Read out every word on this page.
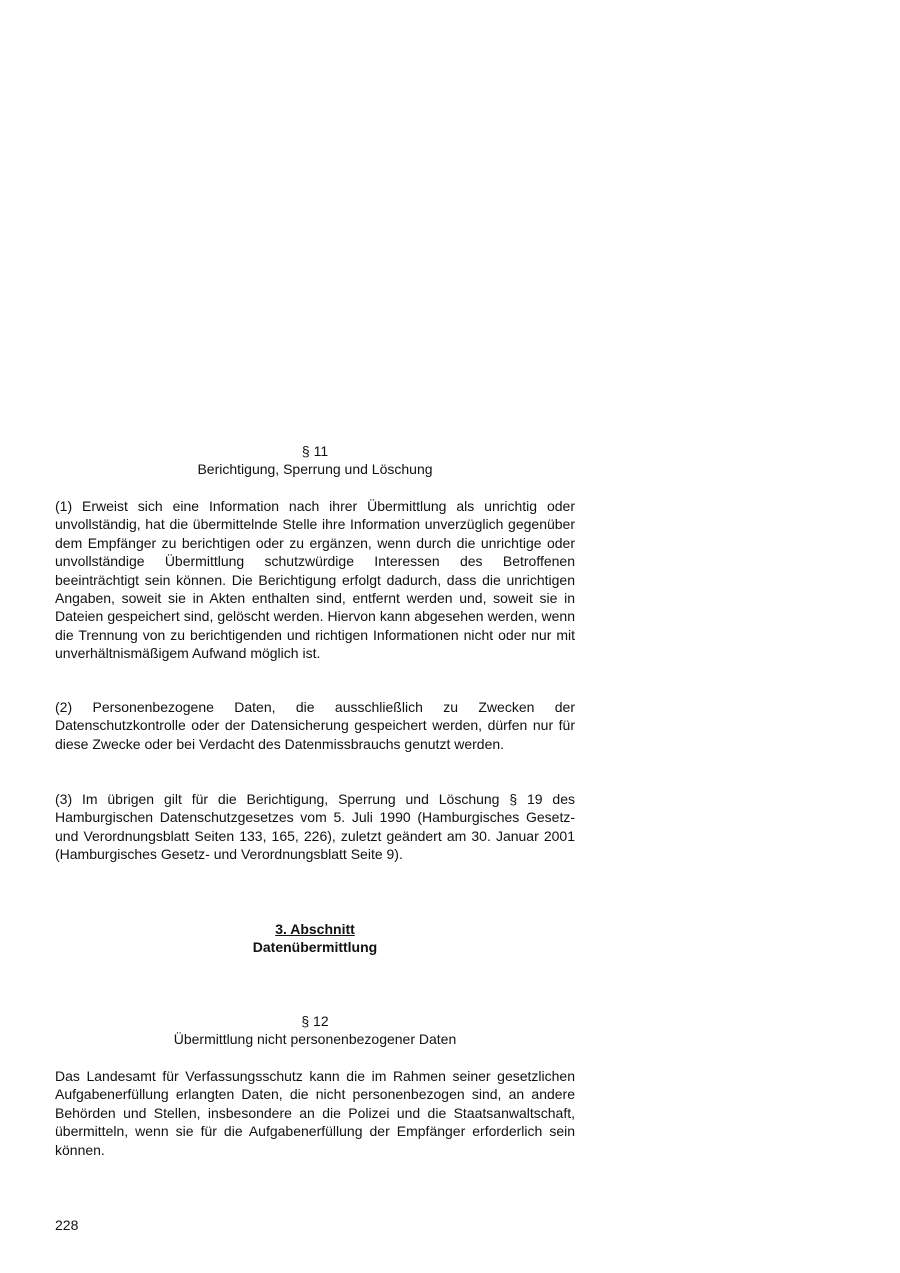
§ 11
Berichtigung, Sperrung und Löschung

(1) Erweist sich eine Information nach ihrer Übermittlung als unrichtig oder unvollständig, hat die übermittelnde Stelle ihre Information unverzüglich gegenüber dem Empfänger zu berichtigen oder zu ergänzen, wenn durch die unrichtige oder unvollständige Übermittlung schutzwürdige Interessen des Betroffenen beeinträchtigt sein können. Die Berichtigung erfolgt dadurch, dass die unrichtigen Angaben, soweit sie in Akten enthalten sind, entfernt werden und, soweit sie in Dateien gespeichert sind, gelöscht werden. Hiervon kann abgesehen werden, wenn die Trennung von zu berichtigenden und richtigen Informationen nicht oder nur mit unverhältnismäßigem Aufwand möglich ist.

(2) Personenbezogene Daten, die ausschließlich zu Zwecken der Datenschutzkontrolle oder der Datensicherung gespeichert werden, dürfen nur für diese Zwecke oder bei Verdacht des Datenmissbrauchs genutzt werden.

(3) Im übrigen gilt für die Berichtigung, Sperrung und Löschung § 19 des Hamburgischen Datenschutzgesetzes vom 5. Juli 1990 (Hamburgisches Gesetz- und Verordnungsblatt Seiten 133, 165, 226), zuletzt geändert am 30. Januar 2001 (Hamburgisches Gesetz- und Verordnungsblatt Seite 9).

3. Abschnitt
Datenübermittlung
§ 12
Übermittlung nicht personenbezogener Daten

Das Landesamt für Verfassungsschutz kann die im Rahmen seiner gesetzlichen Aufgabenerfüllung erlangten Daten, die nicht personenbezogen sind, an andere Behörden und Stellen, insbesondere an die Polizei und die Staatsanwaltschaft, übermitteln, wenn sie für die Aufgabenerfüllung der Empfänger erforderlich sein können.

228
